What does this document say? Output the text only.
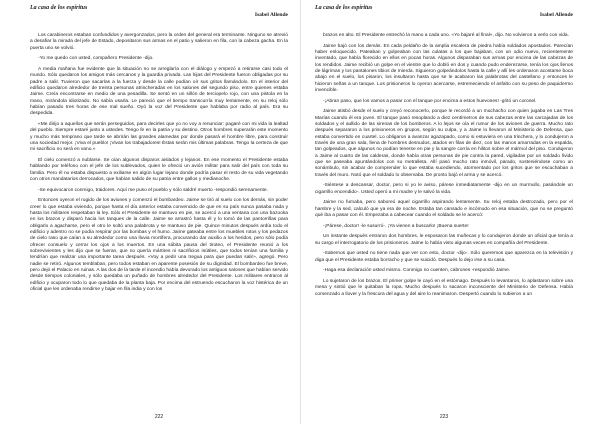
La casa de los espíritus
Isabel Allende

Los carabineros estaban confundidos y avergonzados, pero la orden del general era terminante. Ninguno se atrevió a desafiar la mirada del jefe de Estado, depositaron sus armas en el patio y salieron en fila, con la cabeza gacha. En la puerta uno se volvió.

-Yo me quedo con usted, compañero Presidente -dijo.

A media mañana fue evidente que la situación no se arreglaría con el diálogo y empezó a retirarse casi todo el mundo. Sólo quedaron los amigos más cercanos y la guardia privada. Las hijas del Presidente fueron obligadas por su padre a salir. Tuvieron que sacarlas a la fuerza y desde la calle podían oír sus gritos llamándolo. En el interior del edificio quedaron alrededor de treinta personas atrincheradas en los salones del segundo piso, entre quienes estaba Jaime. Creía encontrarse en medio de una pesadilla. Se sentó en un sillón de terciopelo rojo, con una pistola en la mano, mirándola idiotizado. No sabía usarla. Le pareció que el tiempo transcurría muy lentamente, en su reloj sólo habían pasado tres horas de ese mal sueño. Oyó la voz del Presidente que hablaba por radio al país. Era su despedida.

«Me dirijo a aquellos que serán perseguidos, para decirles que yo no voy a renunciar: pagaré con mi vida la lealtad del pueblo. Siempre estaré junto a ustedes. Tengo fe en la patria y su destino. Otros hombres superarán este momento y mucho más temprano que tarde se abrirán las grandes alamedas por donde pasará el hombre libre, para construir una sociedad mejor. ¡Viva el pueblo! ¡Vivan los trabajadores! Éstas serán mis últimas palabras. Tengo la certeza de que mi sacrificio no será en vano.»

El cielo comenzó a nublarse. Se oían algunos disparos aislados y lejanos. En ese momento el Presidente estaba hablando por teléfono con el jefe de los sublevados, quien le ofreció un avión militar para salir del país con toda su familia. Pero él no estaba dispuesto a exiliarse en algún lugar lejano donde podría pasar el resto de su vida vegetando con otros mandatarios derrocados, que habían salido de su patria entre gallos y medianoche.

-Se equivocaron conmigo, traidores. Aquí me puso el pueblo y sólo saldré muerto -respondió serenamente.

Entonces oyeron el rugido de los aviones y comenzó el bombardeo. Jaime se tiró al suelo con los demás, sin poder creer lo que estaba viviendo, porque hasta el día anterior estaba convencido de que en su país nunca pasaba nada y hasta los militares respetaban la ley. Sólo el Presidente se mantuvo en pie, se acercó a una ventana con una bazooka en los brazos y disparó hacia los tanques de la calle. Jaime se arrastró hasta él y lo tomó de las pantorrillas para obligarlo a agacharse, pero el otro le soltó una palabrota y se mantuvo de pie. Quince minutos después ardía todo el edificio y adentro no se podía respirar por las bombas y el humo. Jaime gateaba entre los muebles rotos y los pedazos de cielo raso que caían a su alrededor como una lluvia mortífera, procurando dar auxilio a los heridos, pero sólo podía ofrecer consuelo y cerrar los ojos a los muertos. En una súbita pausa del tiroteo, el Presidente reunió a los sobrevivientes y les dijo que se fueran, que no quería mártires ni sacrificios inútiles, que todos tenían una familia y tendrían que realizar una importante tarea después. «Voy a pedir una tregua para que puedan salir», agregó. Pero nadie se retiró. Algunos temblaban, pero todos estaban en aparente posesión de su dignidad. El bombardeo fue breve, pero dejó el Palacio en ruinas. A las dos de la tarde el incendio había devorado los antiguos salones que habían servido desde tiempos coloniales, y sólo quedaba un puñado de hombres alrededor del Presidente. Los militares entraron al edificio y ocuparon todo lo que quedaba de la planta baja. Por encima del estruendo escucharon la voz histérica de un oficial que les ordenaba rendirse y bajar en fila india y con los

222
La casa de los espíritus
Isabel Allende

brazos en alto. El Presidente estrechó la mano a cada uno. «Yo bajaré al final», dijo. No volvieron a verlo con vida.

Jaime bajó con los demás. En cada peldaño de la amplia escalera de piedra había soldados apostados. Parecían haber enloquecido. Pateaban y golpeaban con las culatas a los que bajaban, con un odio nuevo, recientemente inventado, que había florecido en ellos en pocas horas. Algunos disparaban sus armas por encima de las cabezas de los rendidos. Jaime recibió un golpe en el vientre que lo dobló en dos y cuando pudo enderezarse, tenía los ojos llenos de lágrimas y los pantalones tibios de mierda. Siguieron golpeándolos hasta la calle y allí les ordenaron acostarse boca abajo en el suelo, los pisaron, los insultaron hasta que se le acabaron las palabrotas del castellano y entonces le hicieron señas a un tanque. Los prisioneros lo oyeron acercarse, estremeciendo el asfalto con su peso de paquidermo invencible.

-¡Abran paso, que los vamos a pasar con el tanque por encima a estos huevones! -gritó un coronel.

Jaime atisbó desde el suelo y creyó reconocerlo, porque le recordó a un muchacho con quien jugaba en Las Tres Marías cuando él era joven. El tanque pasó resoplando a diez centímetros de sus cabezas entre las carcajadas de los soldados y el aullido de las sirenas de los bomberos. A lo lejos se oía el rumor de los aviones de guerra. Mucho rato después separaron a los prisioneros en grupos, según su culpa, y a Jaime lo llevaron al Ministerio de Defensa, que estaba convertido en cuartel. Lo obligaron a avanzar agazapado, como si estuviera en una trinchera, y lo condujeron a través de una gran sala, llena de hombres desnudos, atados en filas de diez, con las manos amarradas en la espalda, tan golpeados, que algunos no podían tenerse en pie y la sangre corría en hilitos sobre el mármol del piso. Condujeron a Jaime al cuarto de las calderas, donde había otras personas de pie contra la pared, vigiladas por un soldado lívido que se paseaba apuntándolos con su metralleta. Allí pasó mucho rato inmóvil, parado, sosteniéndose como un sonámbulo, sin acabar de comprender lo que estaba sucediendo, atormentado por los gritos que se escuchaban a través del muro. Notó que el soldado lo observaba. De pronto bajó el arma y se acercó.

-Siéntese a descansar, doctor, pero si yo le aviso, párese inmediatamente -dijo en un murmullo, pasándole un cigarrillo encendido-. Usted operó a mi madre y le salvó la vida.

Jaime no fumaba, pero saboreó aquel cigarrillo aspirando lentamente. Su reloj estaba destrozado, pero por el hambre y la sed, calculó que ya era de noche. Estaba tan cansado e incómodo en esa situación, que no se preguntó qué iba a pasar con él. Empezaba a cabecear cuando el soldado se le acercó:

-¡Párese, doctor! -le susurró-. ¡Ya vienen a buscarlo! ¡Buena suerte!

Un instante después entraron dos hombres, le esposaron las muñecas y lo condujeron donde un oficial que tenía a su cargo el interrogatorio de los prisioneros. Jaime lo había visto algunas veces en compañía del Presidente.

-Sabemos que usted no tiene nada que ver con esto, doctor -dijo-. Sólo queremos que aparezca en la televisión y diga que el Presidente estaba borracho y que se suicidó. Después lo dejo irse a su casa.

-Haga esa declaración usted mismo. Conmigo no cuenten, cabrones -respondió Jaime.

Lo sujetaron de los brazos. El primer golpe le cayó en el estómago. Después lo levantaron, lo aplastaron sobre una mesa y sintió que le quitaban la ropa. Mucho después lo sacaron inconsciente del Ministerio de Defensa. Había comenzado a llover y la frescura del agua y del aire lo reanimaron. Despertó cuando lo subieron a un

223
